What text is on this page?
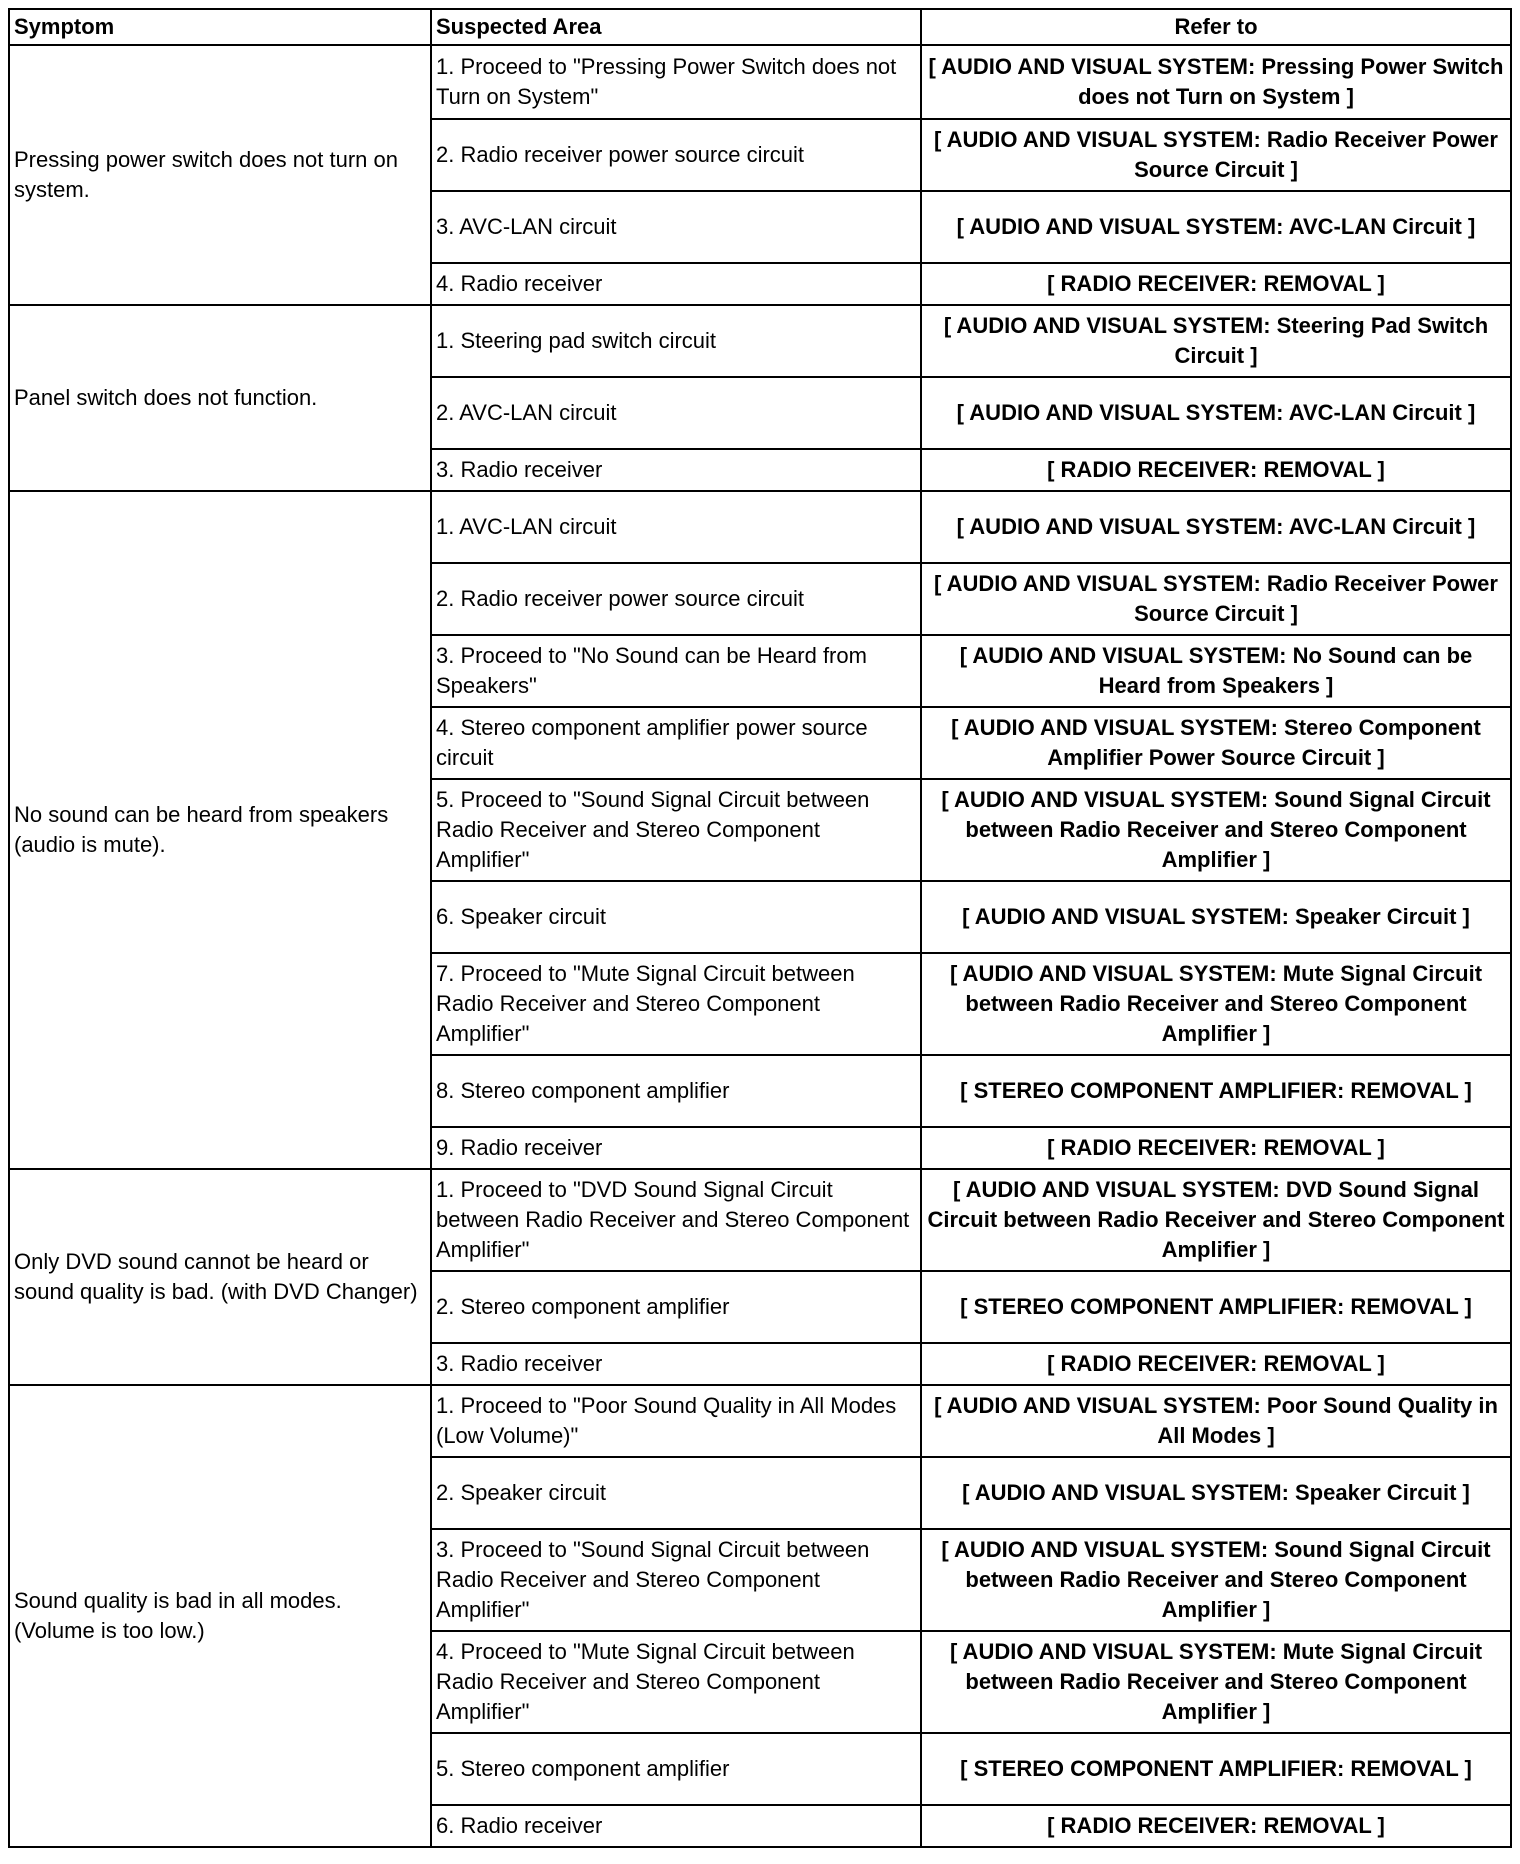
Symptom	Suspected Area	Refer to
Pressing power switch does not turn on system.	1. Proceed to "Pressing Power Switch does not Turn on System"	[ AUDIO AND VISUAL SYSTEM: Pressing Power Switch does not Turn on System ]
	2. Radio receiver power source circuit	[ AUDIO AND VISUAL SYSTEM: Radio Receiver Power Source Circuit ]
	3. AVC-LAN circuit	[ AUDIO AND VISUAL SYSTEM: AVC-LAN Circuit ]
	4. Radio receiver	[ RADIO RECEIVER: REMOVAL ]
Panel switch does not function.	1. Steering pad switch circuit	[ AUDIO AND VISUAL SYSTEM: Steering Pad Switch Circuit ]
	2. AVC-LAN circuit	[ AUDIO AND VISUAL SYSTEM: AVC-LAN Circuit ]
	3. Radio receiver	[ RADIO RECEIVER: REMOVAL ]
No sound can be heard from speakers (audio is mute).	1. AVC-LAN circuit	[ AUDIO AND VISUAL SYSTEM: AVC-LAN Circuit ]
	2. Radio receiver power source circuit	[ AUDIO AND VISUAL SYSTEM: Radio Receiver Power Source Circuit ]
	3. Proceed to "No Sound can be Heard from Speakers"	[ AUDIO AND VISUAL SYSTEM: No Sound can be Heard from Speakers ]
	4. Stereo component amplifier power source circuit	[ AUDIO AND VISUAL SYSTEM: Stereo Component Amplifier Power Source Circuit ]
	5. Proceed to "Sound Signal Circuit between Radio Receiver and Stereo Component Amplifier"	[ AUDIO AND VISUAL SYSTEM: Sound Signal Circuit between Radio Receiver and Stereo Component Amplifier ]
	6. Speaker circuit	[ AUDIO AND VISUAL SYSTEM: Speaker Circuit ]
	7. Proceed to "Mute Signal Circuit between Radio Receiver and Stereo Component Amplifier"	[ AUDIO AND VISUAL SYSTEM: Mute Signal Circuit between Radio Receiver and Stereo Component Amplifier ]
	8. Stereo component amplifier	[ STEREO COMPONENT AMPLIFIER: REMOVAL ]
	9. Radio receiver	[ RADIO RECEIVER: REMOVAL ]
Only DVD sound cannot be heard or sound quality is bad. (with DVD Changer)	1. Proceed to "DVD Sound Signal Circuit between Radio Receiver and Stereo Component Amplifier"	[ AUDIO AND VISUAL SYSTEM: DVD Sound Signal Circuit between Radio Receiver and Stereo Component Amplifier ]
	2. Stereo component amplifier	[ STEREO COMPONENT AMPLIFIER: REMOVAL ]
	3. Radio receiver	[ RADIO RECEIVER: REMOVAL ]
Sound quality is bad in all modes. (Volume is too low.)	1. Proceed to "Poor Sound Quality in All Modes (Low Volume)"	[ AUDIO AND VISUAL SYSTEM: Poor Sound Quality in All Modes ]
	2. Speaker circuit	[ AUDIO AND VISUAL SYSTEM: Speaker Circuit ]
	3. Proceed to "Sound Signal Circuit between Radio Receiver and Stereo Component Amplifier"	[ AUDIO AND VISUAL SYSTEM: Sound Signal Circuit between Radio Receiver and Stereo Component Amplifier ]
	4. Proceed to "Mute Signal Circuit between Radio Receiver and Stereo Component Amplifier"	[ AUDIO AND VISUAL SYSTEM: Mute Signal Circuit between Radio Receiver and Stereo Component Amplifier ]
	5. Stereo component amplifier	[ STEREO COMPONENT AMPLIFIER: REMOVAL ]
	6. Radio receiver	[ RADIO RECEIVER: REMOVAL ]
